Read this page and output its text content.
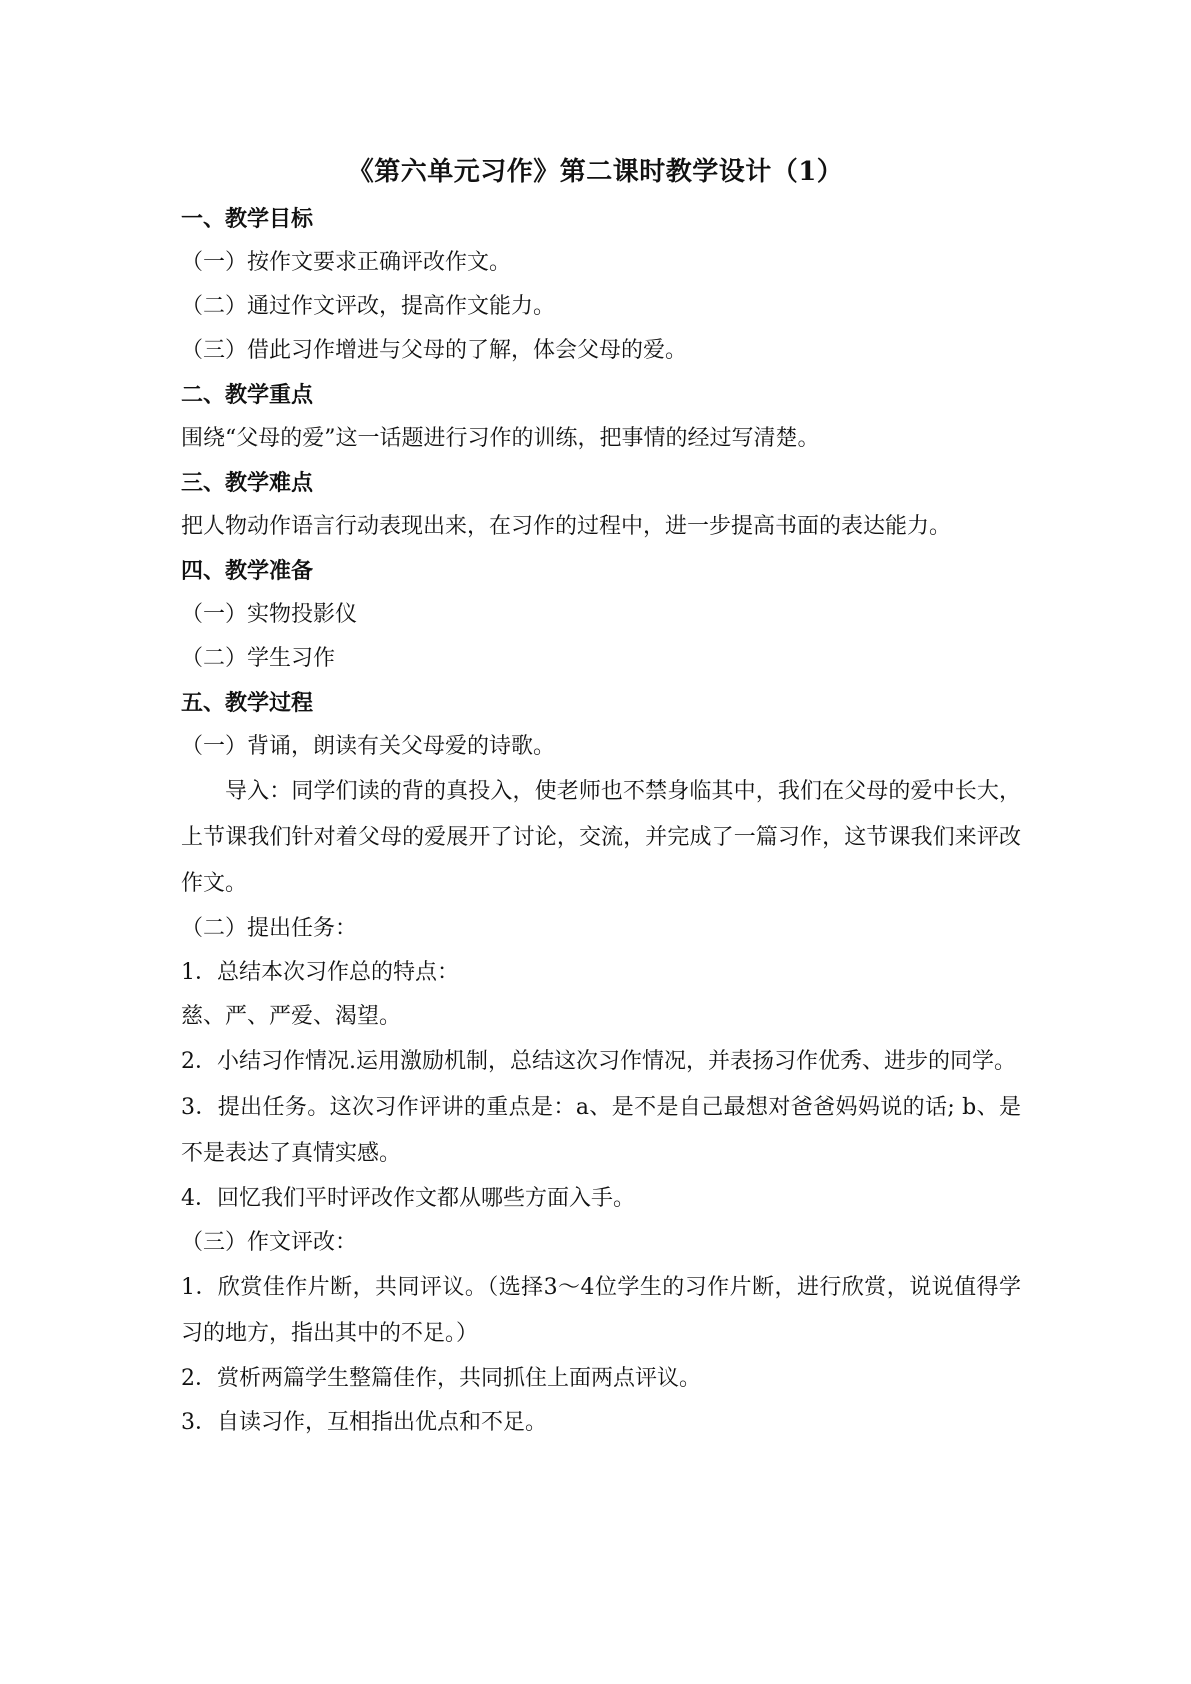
《第六单元习作》第二课时教学设计（1）
一、教学目标
（一）按作文要求正确评改作文。
（二）通过作文评改，提高作文能力。
（三）借此习作增进与父母的了解，体会父母的爱。
二、教学重点
围绕“父母的爱”这一话题进行习作的训练，把事情的经过写清楚。
三、教学难点
把人物动作语言行动表现出来，在习作的过程中，进一步提高书面的表达能力。
四、教学准备
（一）实物投影仪
（二）学生习作
五、教学过程
（一）背诵，朗读有关父母爱的诗歌。
导入：同学们读的背的真投入，使老师也不禁身临其中，我们在父母的爱中长大，上节课我们针对着父母的爱展开了讨论，交流，并完成了一篇习作，这节课我们来评改作文。
（二）提出任务：
1．总结本次习作总的特点：
慈、严、严爱、渴望。
2．小结习作情况.运用激励机制，总结这次习作情况，并表扬习作优秀、进步的同学。
3．提出任务。这次习作评讲的重点是：a、是不是自己最想对爸爸妈妈说的话; b、是不是表达了真情实感。
4．回忆我们平时评改作文都从哪些方面入手。
（三）作文评改：
1．欣赏佳作片断，共同评议。（选择3～4位学生的习作片断，进行欣赏，说说值得学习的地方，指出其中的不足。）
2．赏析两篇学生整篇佳作，共同抓住上面两点评议。
3．自读习作，互相指出优点和不足。
